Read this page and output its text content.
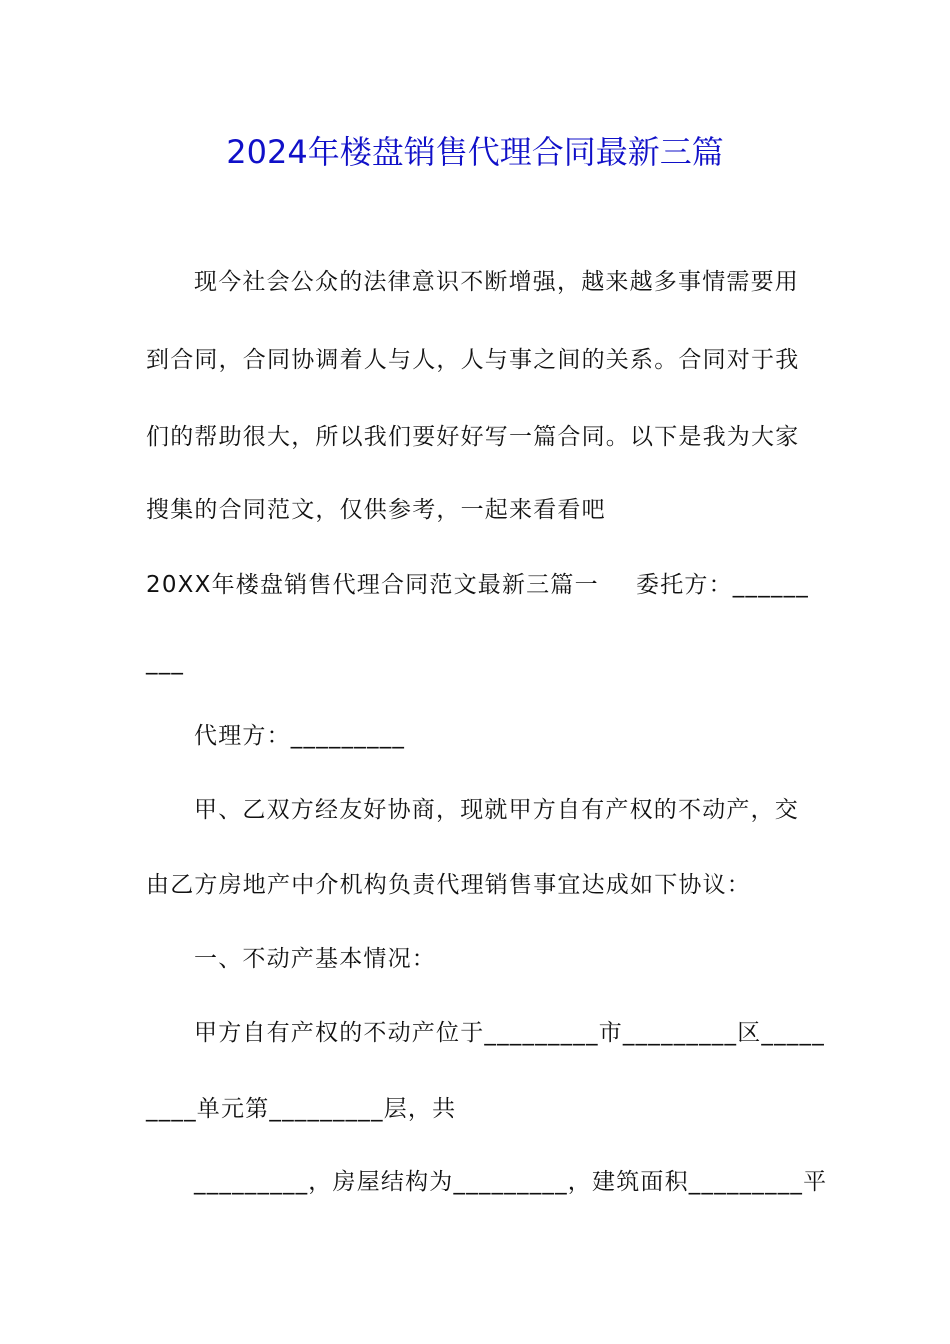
2024年楼盘销售代理合同最新三篇
现今社会公众的法律意识不断增强，越来越多事情需要用
到合同，合同协调着人与人，人与事之间的关系。合同对于我
们的帮助很大，所以我们要好好写一篇合同。以下是我为大家
搜集的合同范文，仅供参考，一起来看看吧
20XX年楼盘销售代理合同范文最新三篇一 委托方：______
___
代理方：_________
甲、乙双方经友好协商，现就甲方自有产权的不动产，交
由乙方房地产中介机构负责代理销售事宜达成如下协议：
一、不动产基本情况：
甲方自有产权的不动产位于_________市_________区_____
____单元第_________层，共
_________，房屋结构为_________，建筑面积_________平
